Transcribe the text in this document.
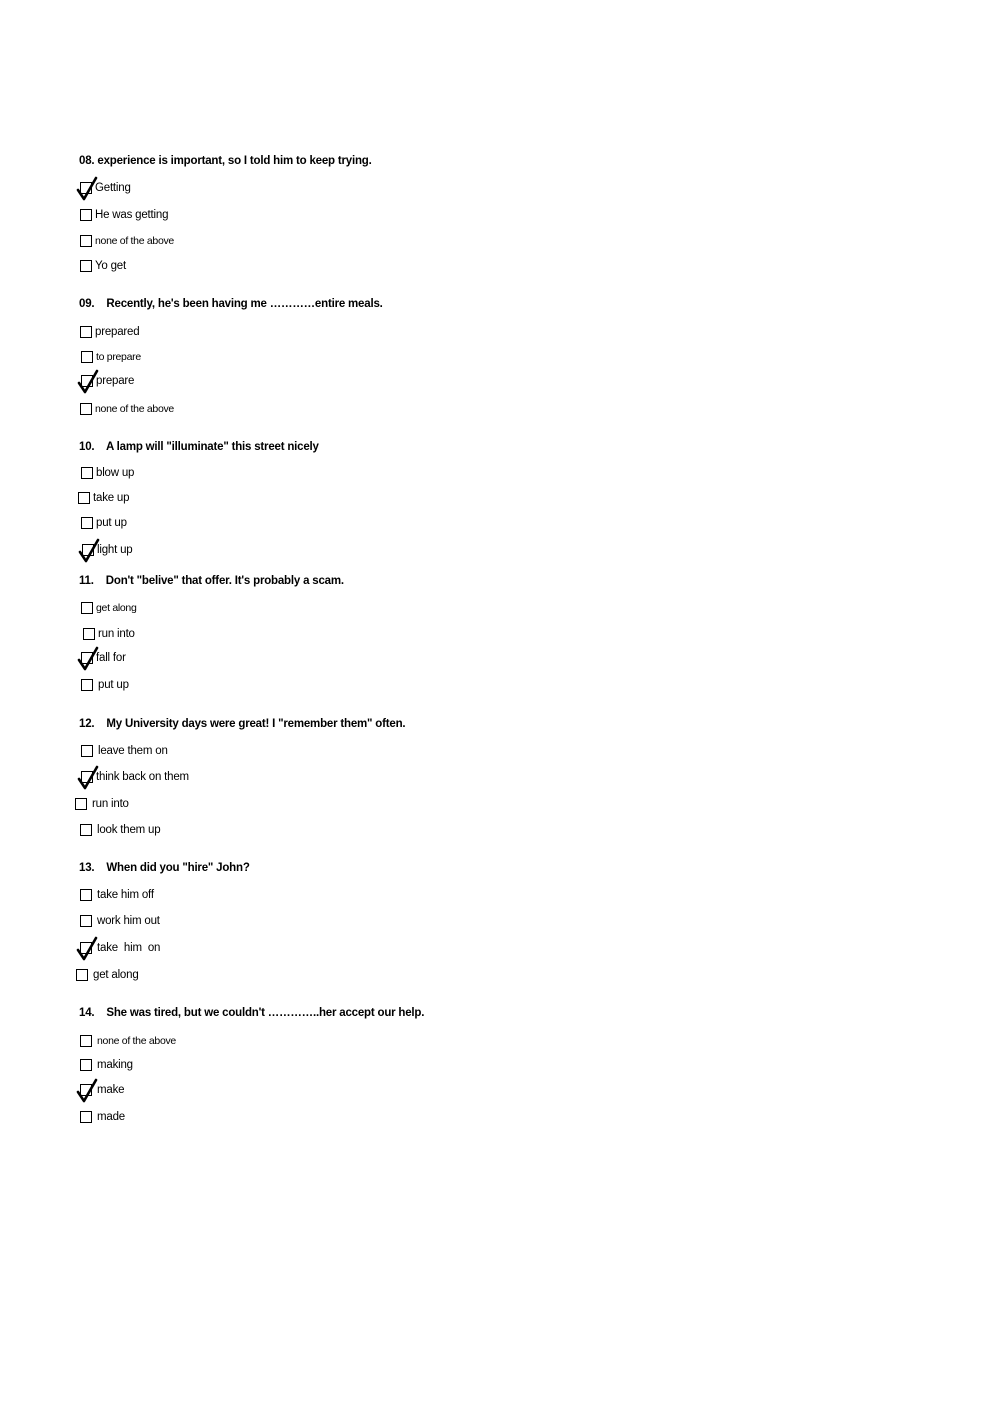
08. experience is important, so I told him to keep trying.
Getting
He was getting
none of the above
Yo get
09. Recently, he's been having me …………entire meals.
prepared
to prepare
prepare
none of the above
10. A lamp will "illuminate" this street nicely
blow up
take up
put up
light up
11. Don't "belive" that offer. It's probably a scam.
get along
run into
fall for
put up
12. My University days were great! I "remember them" often.
leave them on
think back on them
run into
look them up
13. When did you "hire" John?
take him off
work him out
take  him  on
get along
14. She was tired, but we couldn't …………..her accept our help.
none of the above
making
make
made
